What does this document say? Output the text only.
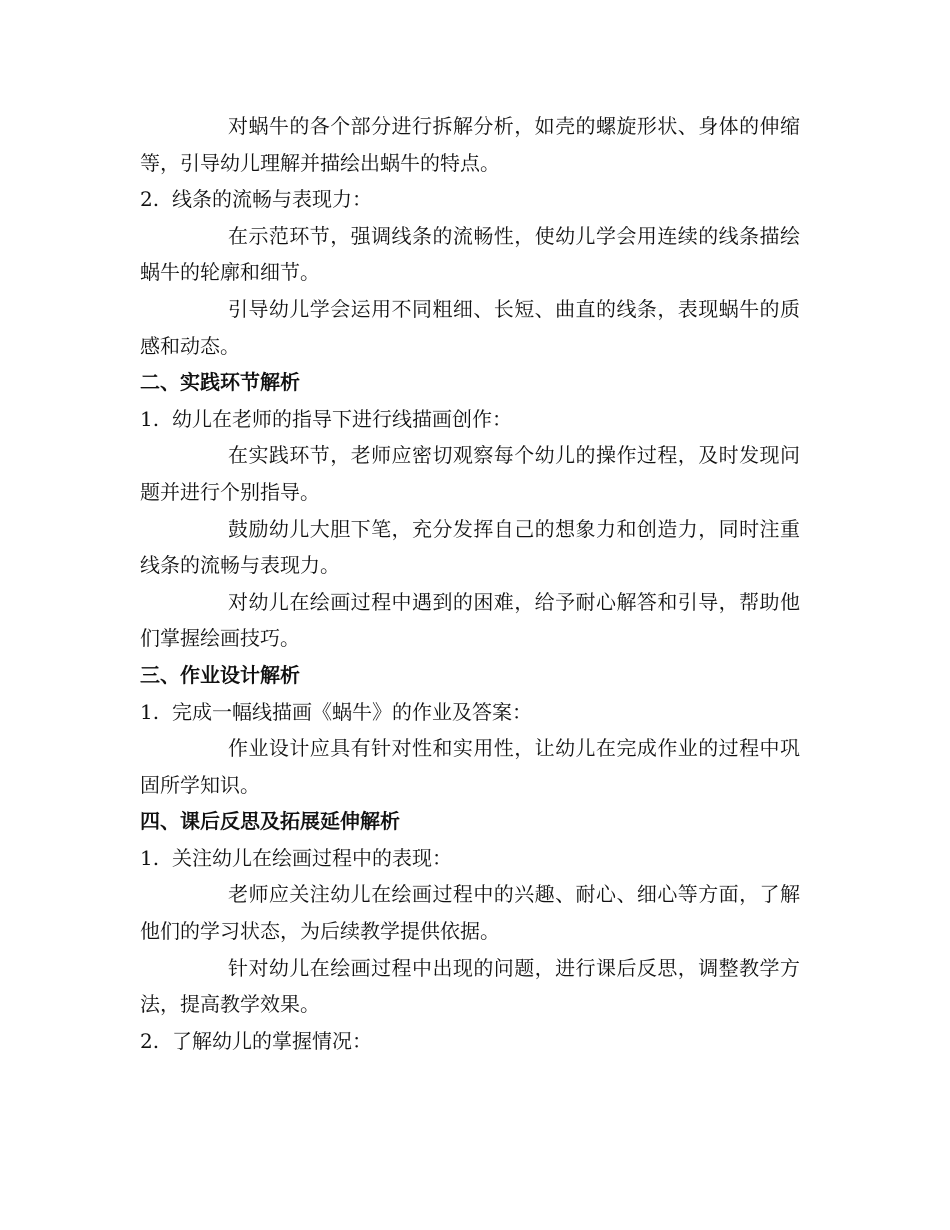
对蜗牛的各个部分进行拆解分析，如壳的螺旋形状、身体的伸缩等，引导幼儿理解并描绘出蜗牛的特点。

2. 线条的流畅与表现力：

在示范环节，强调线条的流畅性，使幼儿学会用连续的线条描绘蜗牛的轮廓和细节。

引导幼儿学会运用不同粗细、长短、曲直的线条，表现蜗牛的质感和动态。

二、实践环节解析

1. 幼儿在老师的指导下进行线描画创作：

在实践环节，老师应密切观察每个幼儿的操作过程，及时发现问题并进行个别指导。

鼓励幼儿大胆下笔，充分发挥自己的想象力和创造力，同时注重线条的流畅与表现力。

对幼儿在绘画过程中遇到的困难，给予耐心解答和引导，帮助他们掌握绘画技巧。

三、作业设计解析

1. 完成一幅线描画《蜗牛》的作业及答案：

作业设计应具有针对性和实用性，让幼儿在完成作业的过程中巩固所学知识。

四、课后反思及拓展延伸解析

1. 关注幼儿在绘画过程中的表现：

老师应关注幼儿在绘画过程中的兴趣、耐心、细心等方面，了解他们的学习状态，为后续教学提供依据。

针对幼儿在绘画过程中出现的问题，进行课后反思，调整教学方法，提高教学效果。

2. 了解幼儿的掌握情况：
